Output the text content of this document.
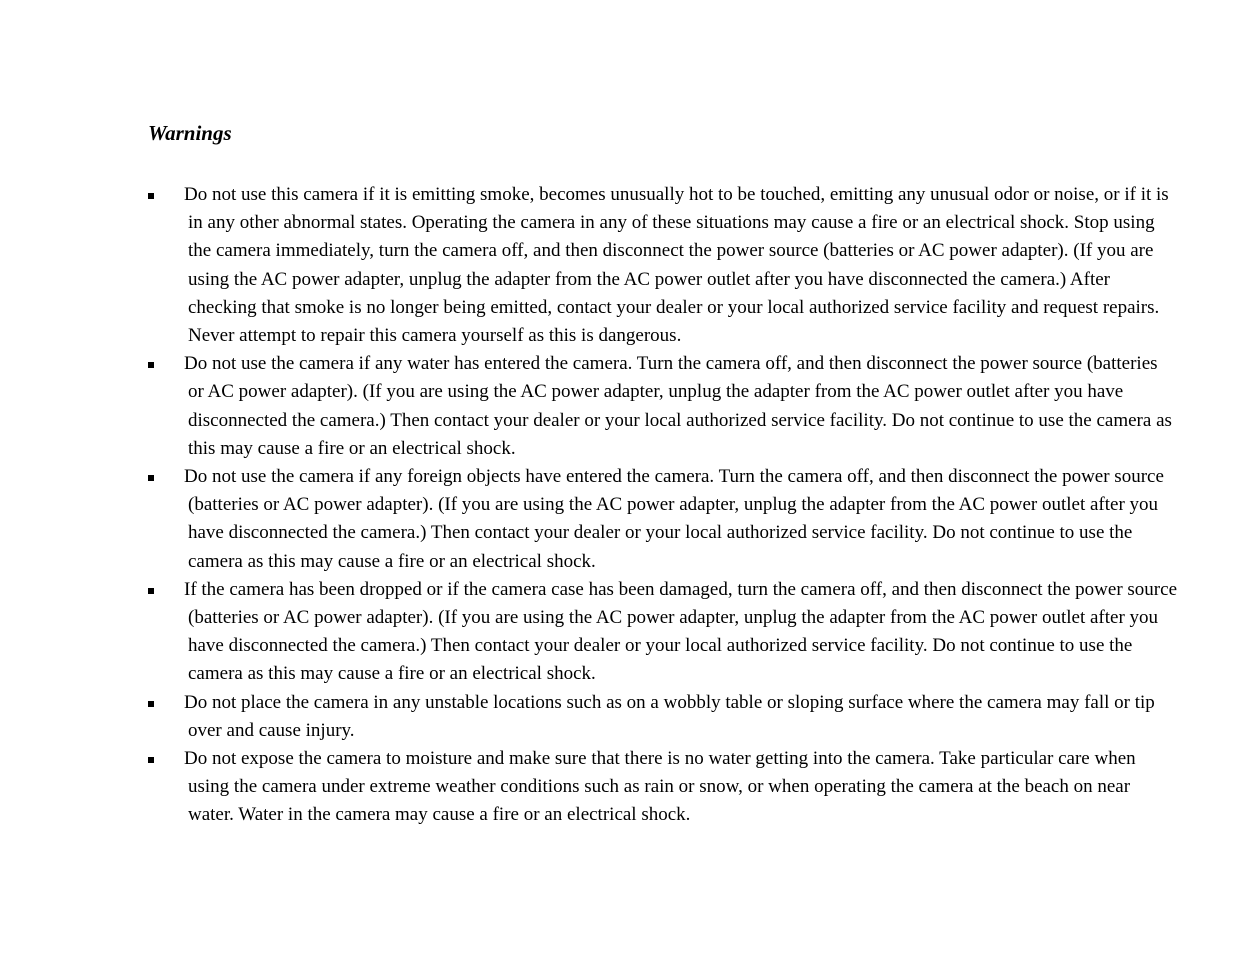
Warnings
Do not use this camera if it is emitting smoke, becomes unusually hot to be touched, emitting any unusual odor or noise, or if it is in any other abnormal states. Operating the camera in any of these situations may cause a fire or an electrical shock. Stop using the camera immediately, turn the camera off, and then disconnect the power source (batteries or AC power adapter). (If you are using the AC power adapter, unplug the adapter from the AC power outlet after you have disconnected the camera.) After checking that smoke is no longer being emitted, contact your dealer or your local authorized service facility and request repairs. Never attempt to repair this camera yourself as this is dangerous.
Do not use the camera if any water has entered the camera. Turn the camera off, and then disconnect the power source (batteries or AC power adapter). (If you are using the AC power adapter, unplug the adapter from the AC power outlet after you have disconnected the camera.) Then contact your dealer or your local authorized service facility. Do not continue to use the camera as this may cause a fire or an electrical shock.
Do not use the camera if any foreign objects have entered the camera. Turn the camera off, and then disconnect the power source (batteries or AC power adapter). (If you are using the AC power adapter, unplug the adapter from the AC power outlet after you have disconnected the camera.) Then contact your dealer or your local authorized service facility. Do not continue to use the camera as this may cause a fire or an electrical shock.
If the camera has been dropped or if the camera case has been damaged, turn the camera off, and then disconnect the power source (batteries or AC power adapter). (If you are using the AC power adapter, unplug the adapter from the AC power outlet after you have disconnected the camera.) Then contact your dealer or your local authorized service facility. Do not continue to use the camera as this may cause a fire or an electrical shock.
Do not place the camera in any unstable locations such as on a wobbly table or sloping surface where the camera may fall or tip over and cause injury.
Do not expose the camera to moisture and make sure that there is no water getting into the camera. Take particular care when using the camera under extreme weather conditions such as rain or snow, or when operating the camera at the beach on near water. Water in the camera may cause a fire or an electrical shock.
